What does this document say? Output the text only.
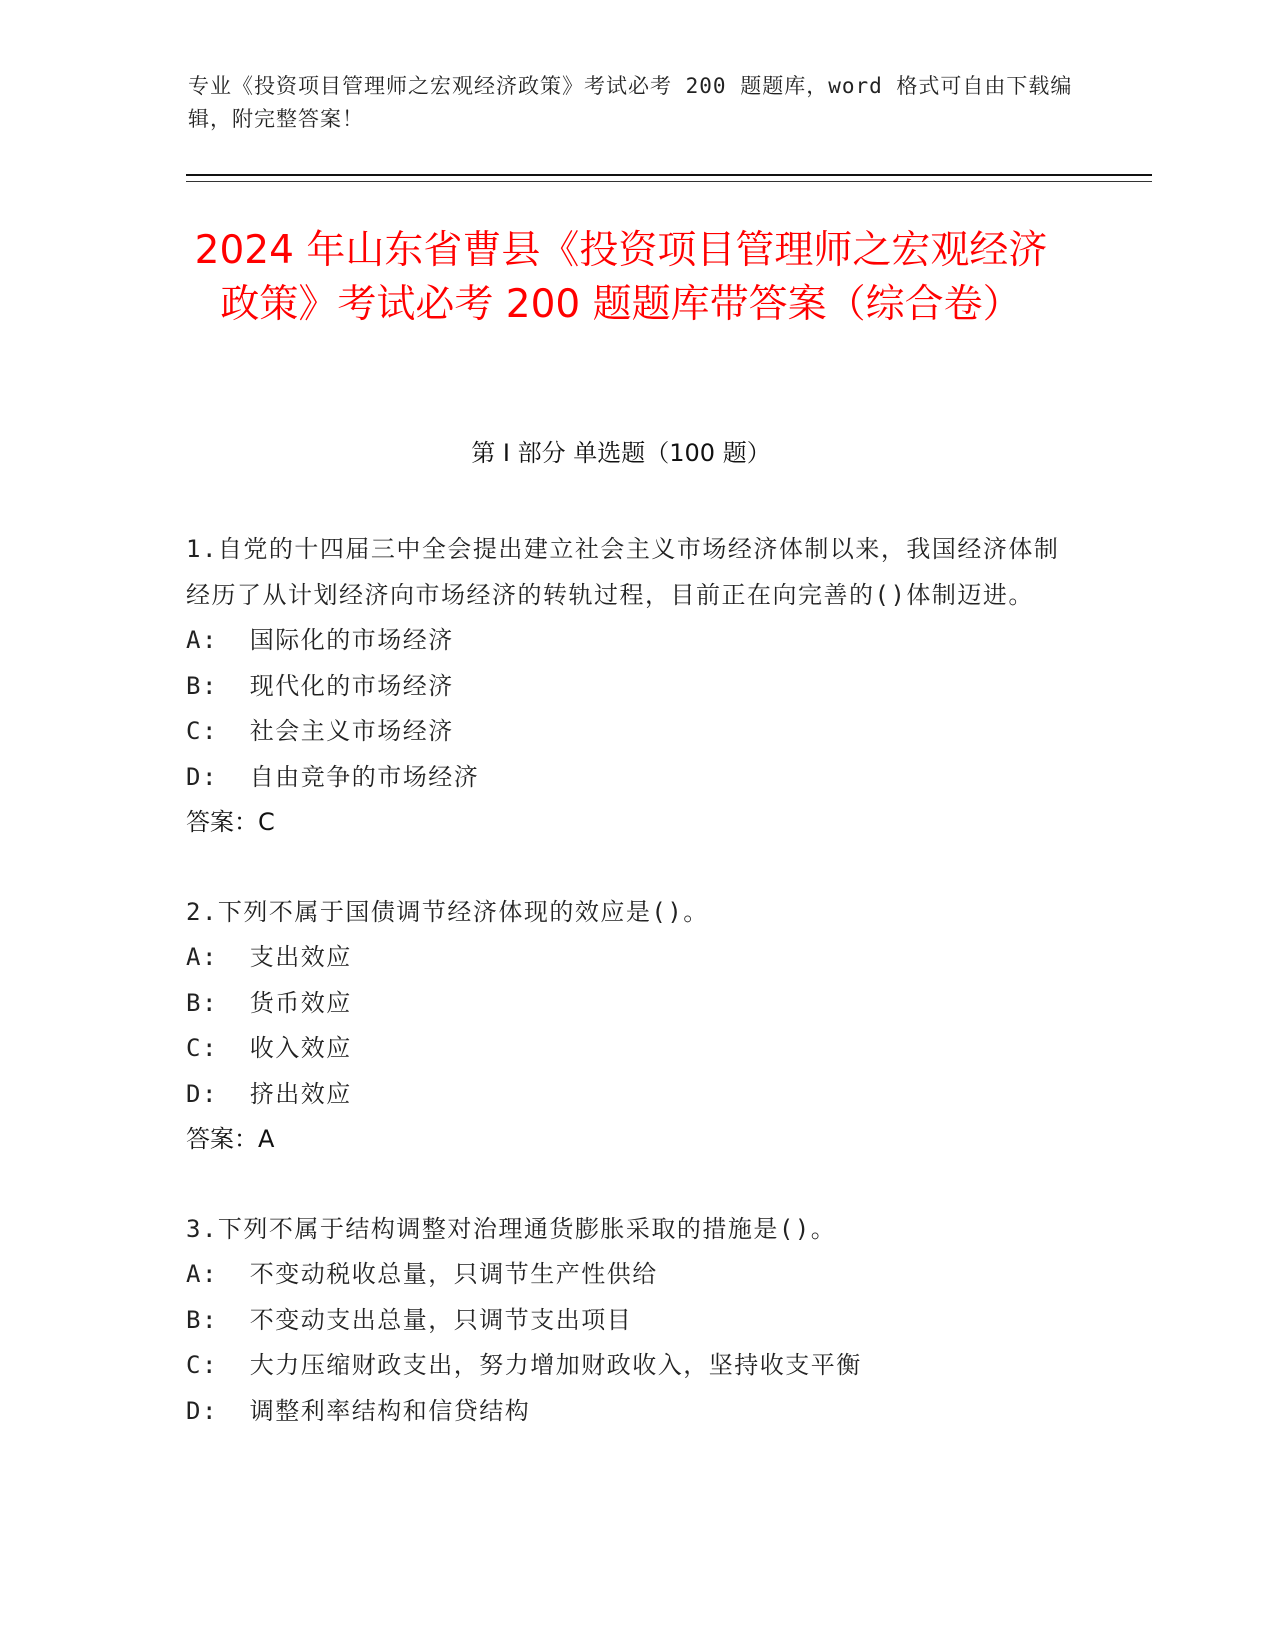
专业《投资项目管理师之宏观经济政策》考试必考 200 题题库，word 格式可自由下载编辑，附完整答案！
2024 年山东省曹县《投资项目管理师之宏观经济政策》考试必考 200 题题库带答案（综合卷）
第 I 部分 单选题（100 题）
1.自党的十四届三中全会提出建立社会主义市场经济体制以来，我国经济体制经历了从计划经济向市场经济的转轨过程，目前正在向完善的()体制迈进。
A:  国际化的市场经济
B:  现代化的市场经济
C:  社会主义市场经济
D:  自由竞争的市场经济
答案：C
2.下列不属于国债调节经济体现的效应是()。
A:  支出效应
B:  货币效应
C:  收入效应
D:  挤出效应
答案：A
3.下列不属于结构调整对治理通货膨胀采取的措施是()。
A:  不变动税收总量，只调节生产性供给
B:  不变动支出总量，只调节支出项目
C:  大力压缩财政支出，努力增加财政收入，坚持收支平衡
D:  调整利率结构和信贷结构
